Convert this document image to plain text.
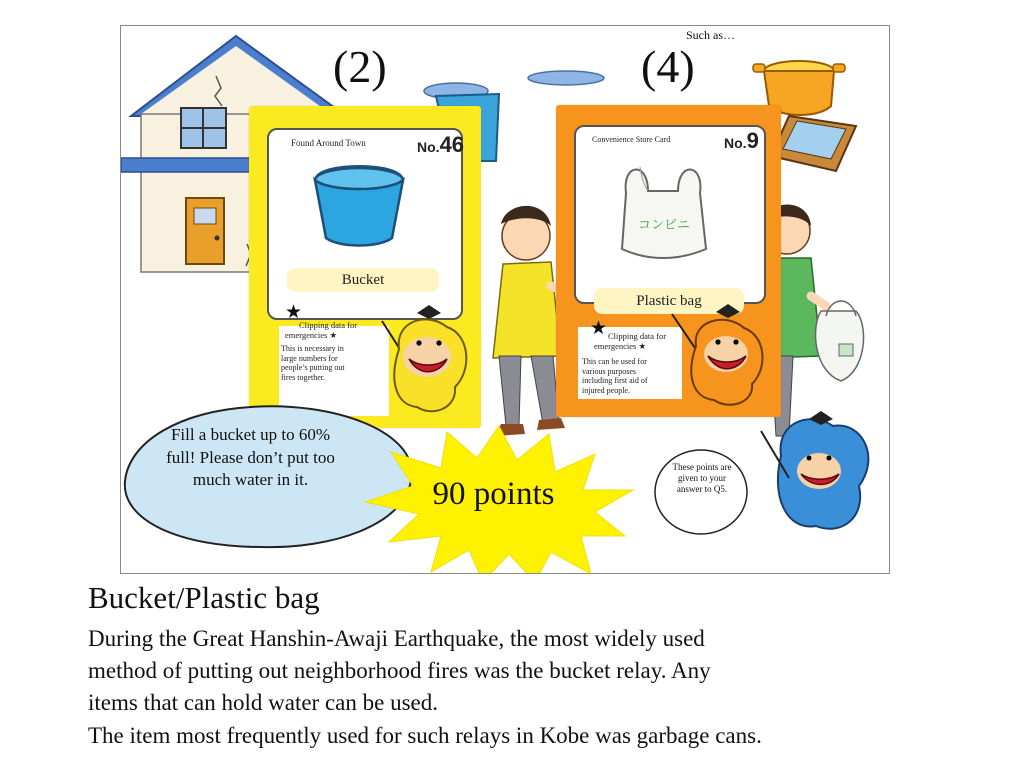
Found Around Town	No.46
Bucket
★
Clipping data for emergencies ★
This is necessary in large numbers for people’s putting out fires together.
Convenience Store Card	No.9
コンビニ
Plastic bag
★ Clipping data for emergencies ★
This can be used for various purposes including first aid of injured people.
Fill a bucket up to 60% full! Please don’t put too much water in it.	90 points
These points are given to your answer to Q5.
(2)	(4)
Such as…
Bucket/Plastic bag
During the Great Hanshin-Awaji Earthquake, the most widely used
method of putting out neighborhood fires was the bucket relay. Any
items that can hold water can be used.
The item most frequently used for such relays in Kobe was garbage cans.
